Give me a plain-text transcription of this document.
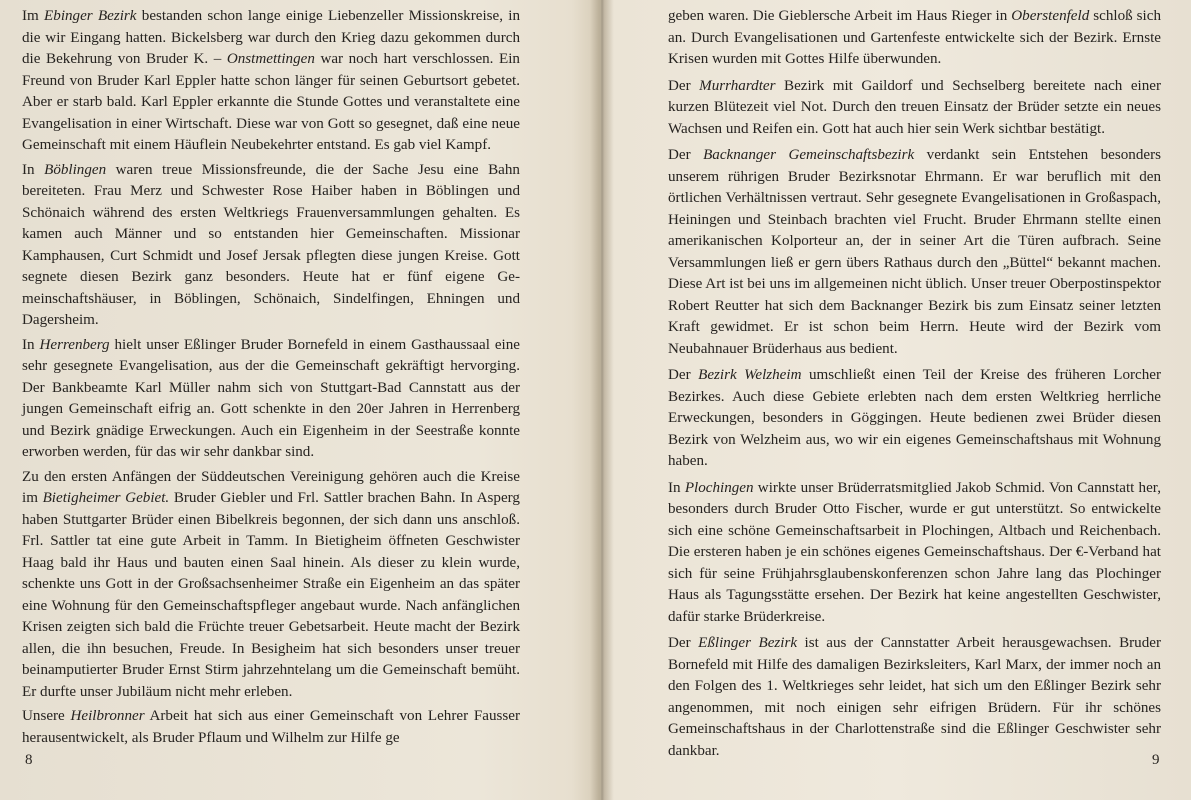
Im Ebinger Bezirk bestanden schon lange einige Liebenzeller Missionskreise, in die wir Eingang hatten. Bickelsberg war durch den Krieg dazu gekommen durch die Bekehrung von Bruder K. – Onstmettingen war noch hart verschlossen. Ein Freund von Bruder Karl Eppler hatte schon länger für seinen Geburtsort gebetet. Aber er starb bald. Karl Eppler erkannte die Stunde Gottes und veranstaltete eine Evangelisation in einer Wirtschaft. Diese war von Gott so gesegnet, daß eine neue Gemeinschaft mit einem Häuflein Neubekehrter entstand. Es gab viel Kampf.

In Böblingen waren treue Missionsfreunde, die der Sache Jesu eine Bahn bereiteten. Frau Merz und Schwester Rose Haiber haben in Böblingen und Schönaich während des ersten Weltkriegs Frauenversammlungen gehalten. Es kamen auch Männer und so entstanden hier Gemeinschaften. Missionar Kamphausen, Curt Schmidt und Josef Jersak pflegten diese jungen Kreise. Gott segnete diesen Bezirk ganz besonders. Heute hat er fünf eigene Gemeinschaftshäuser, in Böblingen, Schönaich, Sindelfingen, Ehningen und Dagersheim.

In Herrenberg hielt unser Eßlinger Bruder Bornefeld in einem Gasthaussaal eine sehr gesegnete Evangelisation, aus der die Gemeinschaft gekräftigt hervorging. Der Bankbeamte Karl Müller nahm sich von Stuttgart-Bad Cannstatt aus der jungen Gemeinschaft eifrig an. Gott schenkte in den 20er Jahren in Herrenberg und Bezirk gnädige Erweckungen. Auch ein Eigenheim in der Seestraße konnte erworben werden, für das wir sehr dankbar sind.

Zu den ersten Anfängen der Süddeutschen Vereinigung gehören auch die Kreise im Bietigheimer Gebiet. Bruder Giebler und Frl. Sattler brachen Bahn. In Asperg haben Stuttgarter Brüder einen Bibelkreis begonnen, der sich dann uns anschloß. Frl. Sattler tat eine gute Arbeit in Tamm. In Bietigheim öffneten Geschwister Haag bald ihr Haus und bauten einen Saal hinein. Als dieser zu klein wurde, schenkte uns Gott in der Großsachsenheimer Straße ein Eigenheim an das später eine Wohnung für den Gemeinschaftspfleger angebaut wurde. Nach anfänglichen Krisen zeigten sich bald die Früchte treuer Gebetsarbeit. Heute macht der Bezirk allen, die ihn besuchen, Freude. In Besigheim hat sich besonders unser treuer beinamputierter Bruder Ernst Stirm jahrzehntelang um die Gemeinschaft bemüht. Er durfte unser Jubiläum nicht mehr erleben.

Unsere Heilbronner Arbeit hat sich aus einer Gemeinschaft von Lehrer Fausser herausentwickelt, als Bruder Pflaum und Wilhelm zur Hilfe ge

geben waren. Die Gieblersche Arbeit im Haus Rieger in Oberstenfeld schloß sich an. Durch Evangelisationen und Gartenfeste entwickelte sich der Bezirk. Ernste Krisen wurden mit Gottes Hilfe überwunden.

Der Murrhardter Bezirk mit Gaildorf und Sechselberg bereitete nach einer kurzen Blütezeit viel Not. Durch den treuen Einsatz der Brüder setzte ein neues Wachsen und Reifen ein. Gott hat auch hier sein Werk sichtbar bestätigt.

Der Backnanger Gemeinschaftsbezirk verdankt sein Entstehen besonders unserem rührigen Bruder Bezirksnotar Ehrmann. Er war beruflich mit den örtlichen Verhältnissen vertraut. Sehr gesegnete Evangelisationen in Großaspach, Heiningen und Steinbach brachten viel Frucht. Bruder Ehrmann stellte einen amerikanischen Kolporteur an, der in seiner Art die Türen aufbrach. Seine Versammlungen ließ er gern übers Rathaus durch den „Büttel“ bekannt machen. Diese Art ist bei uns im allgemeinen nicht üblich. Unser treuer Oberpostinspektor Robert Reutter hat sich dem Backnanger Bezirk bis zum Einsatz seiner letzten Kraft gewidmet. Er ist schon beim Herrn. Heute wird der Bezirk vom Neubahnauer Brüderhaus aus bedient.

Der Bezirk Welzheim umschließt einen Teil der Kreise des früheren Lorcher Bezirkes. Auch diese Gebiete erlebten nach dem ersten Weltkrieg herrliche Erweckungen, besonders in Göggingen. Heute bedienen zwei Brüder diesen Bezirk von Welzheim aus, wo wir ein eigenes Gemeinschaftshaus mit Wohnung haben.

In Plochingen wirkte unser Brüderratsmitglied Jakob Schmid. Von Cannstatt her, besonders durch Bruder Otto Fischer, wurde er gut unterstützt. So entwickelte sich eine schöne Gemeinschaftsarbeit in Plochingen, Altbach und Reichenbach. Die ersteren haben je ein schönes eigenes Gemeinschaftshaus. Der €-Verband hat sich für seine Frühjahrsglaubenskonferenzen schon Jahre lang das Plochinger Haus als Tagungsstätte ersehen. Der Bezirk hat keine angestellten Geschwister, dafür starke Brüderkreise.

Der Eßlinger Bezirk ist aus der Cannstatter Arbeit herausgewachsen. Bruder Bornefeld mit Hilfe des damaligen Bezirksleiters, Karl Marx, der immer noch an den Folgen des 1. Weltkrieges sehr leidet, hat sich um den Eßlinger Bezirk sehr angenommen, mit noch einigen sehr eifrigen Brüdern. Für ihr schönes Gemeinschaftshaus in der Charlottenstraße sind die Eßlinger Geschwister sehr dankbar.

8	9
